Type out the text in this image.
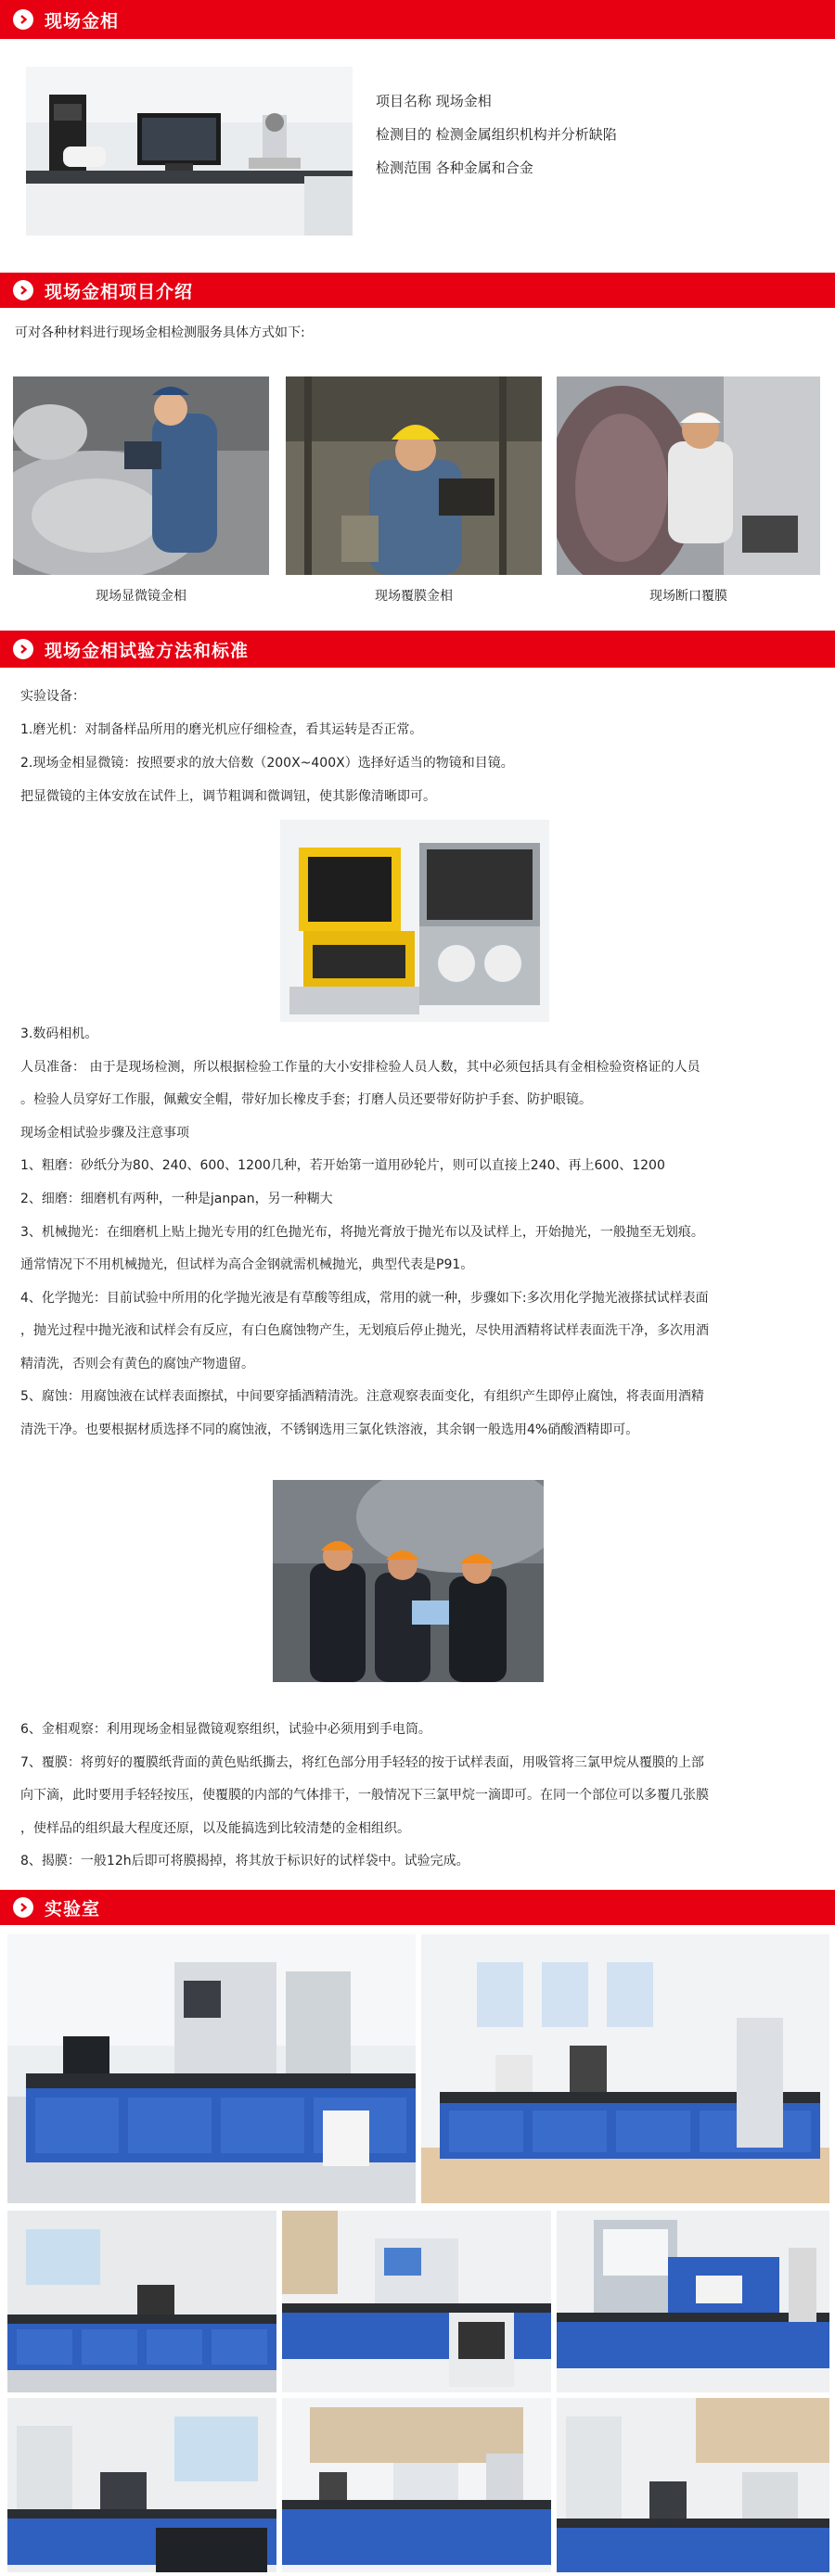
现场金相
项目名称 现场金相
检测目的 检测金属组织机构并分析缺陷
检测范围 各种金属和合金
现场金相项目介绍
可对各种材料进行现场金相检测服务具体方式如下:
现场显微镜金相	现场覆膜金相	现场断口覆膜
现场金相试验方法和标准
实验设备：
1.磨光机：对制备样品所用的磨光机应仔细检查，看其运转是否正常。
2.现场金相显微镜：按照要求的放大倍数（200X~400X）选择好适当的物镜和目镜。
把显微镜的主体安放在试件上，调节粗调和微调钮，使其影像清晰即可。
3.数码相机。
人员准备： 由于是现场检测，所以根据检验工作量的大小安排检验人员人数，其中必须包括具有金相检验资格证的人员
。检验人员穿好工作服，佩戴安全帽，带好加长橡皮手套；打磨人员还要带好防护手套、防护眼镜。
现场金相试验步骤及注意事项
1、粗磨：砂纸分为80、240、600、1200几种，若开始第一道用砂轮片，则可以直接上240、再上600、1200
2、细磨：细磨机有两种，一种是janpan，另一种糊大
3、机械抛光：在细磨机上贴上抛光专用的红色抛光布，将抛光膏放于抛光布以及试样上，开始抛光，一般抛至无划痕。
通常情况下不用机械抛光，但试样为高合金钢就需机械抛光，典型代表是P91。
4、化学抛光：目前试验中所用的化学抛光液是有草酸等组成，常用的就一种，步骤如下:多次用化学抛光液搽拭试样表面
，抛光过程中抛光液和试样会有反应，有白色腐蚀物产生，无划痕后停止抛光，尽快用酒精将试样表面洗干净，多次用酒
精清洗，否则会有黄色的腐蚀产物遗留。
5、腐蚀：用腐蚀液在试样表面擦拭，中间要穿插酒精清洗。注意观察表面变化，有组织产生即停止腐蚀，将表面用酒精
清洗干净。也要根据材质选择不同的腐蚀液，不锈钢选用三氯化铁溶液，其余钢一般选用4%硝酸酒精即可。
6、金相观察：利用现场金相显微镜观察组织，试验中必须用到手电筒。
7、覆膜：将剪好的覆膜纸背面的黄色贴纸撕去，将红色部分用手轻轻的按于试样表面，用吸管将三氯甲烷从覆膜的上部
向下滴，此时要用手轻轻按压，使覆膜的内部的气体排干，一般情况下三氯甲烷一滴即可。在同一个部位可以多覆几张膜
，使样品的组织最大程度还原，以及能搞选到比较清楚的金相组织。
8、揭膜：一般12h后即可将膜揭掉，将其放于标识好的试样袋中。试验完成。
实验室
